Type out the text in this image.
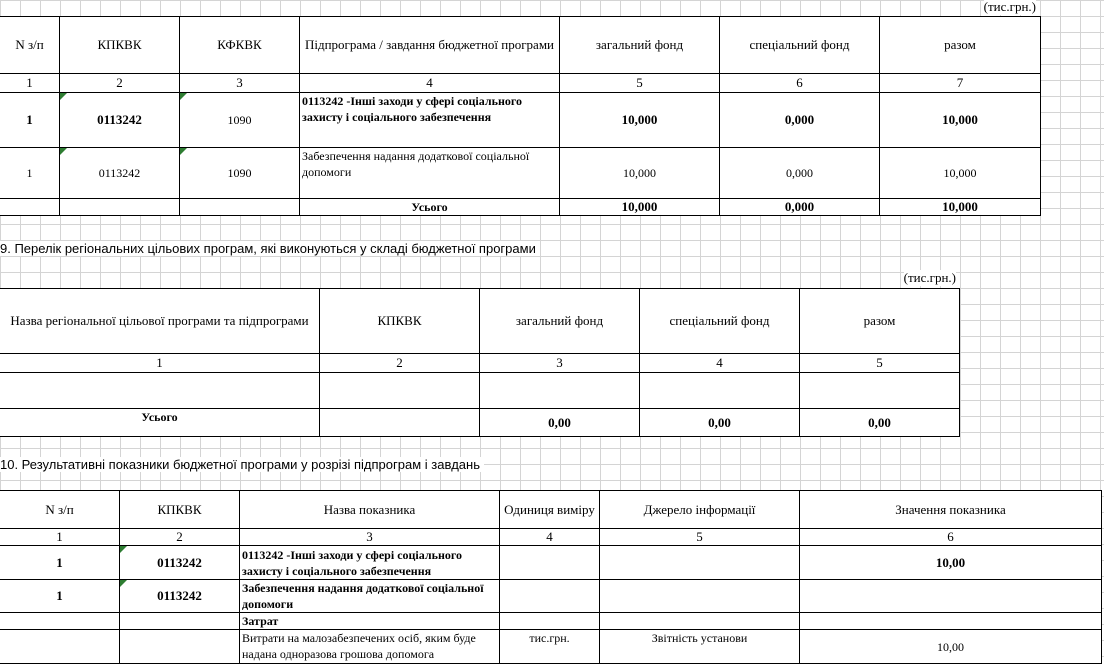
(тис.грн.)
N з/п	КПКВК	КФКВК	Підпрограма / завдання бюджетної програми	загальний фонд	спеціальний фонд	разом
1	2	3	4	5	6	7
1	0113242	1090	0113242 -Інші заходи у сфері соціального захисту і соціального забезпечення	10,000	0,000	10,000
1	0113242	1090	Забезпечення надання додаткової соціальної допомоги	10,000	0,000	10,000
			Усього	10,000	0,000	10,000
9. Перелік регіональних цільових програм, які виконуються у складі бюджетної програми
(тис.грн.)
Назва регіональної цільової програми та підпрограми	КПКВК	загальний фонд	спеціальний фонд	разом
1	2	3	4	5

Усього		0,00	0,00	0,00
10. Результативні показники бюджетної програми у розрізі підпрограм і завдань
N з/п	КПКВК	Назва показника	Одиниця виміру	Джерело інформації	Значення показника
1	2	3	4	5	6
1	0113242	0113242 -Інші заходи у сфері соціального захисту і соціального забезпечення			10,00
1	0113242	Забезпечення надання додаткової соціальної допомоги			
		Затрат			
		Витрати на малозабезпечених осіб, яким буде надана одноразова грошова допомога	тис.грн.	Звітність установи	10,00
